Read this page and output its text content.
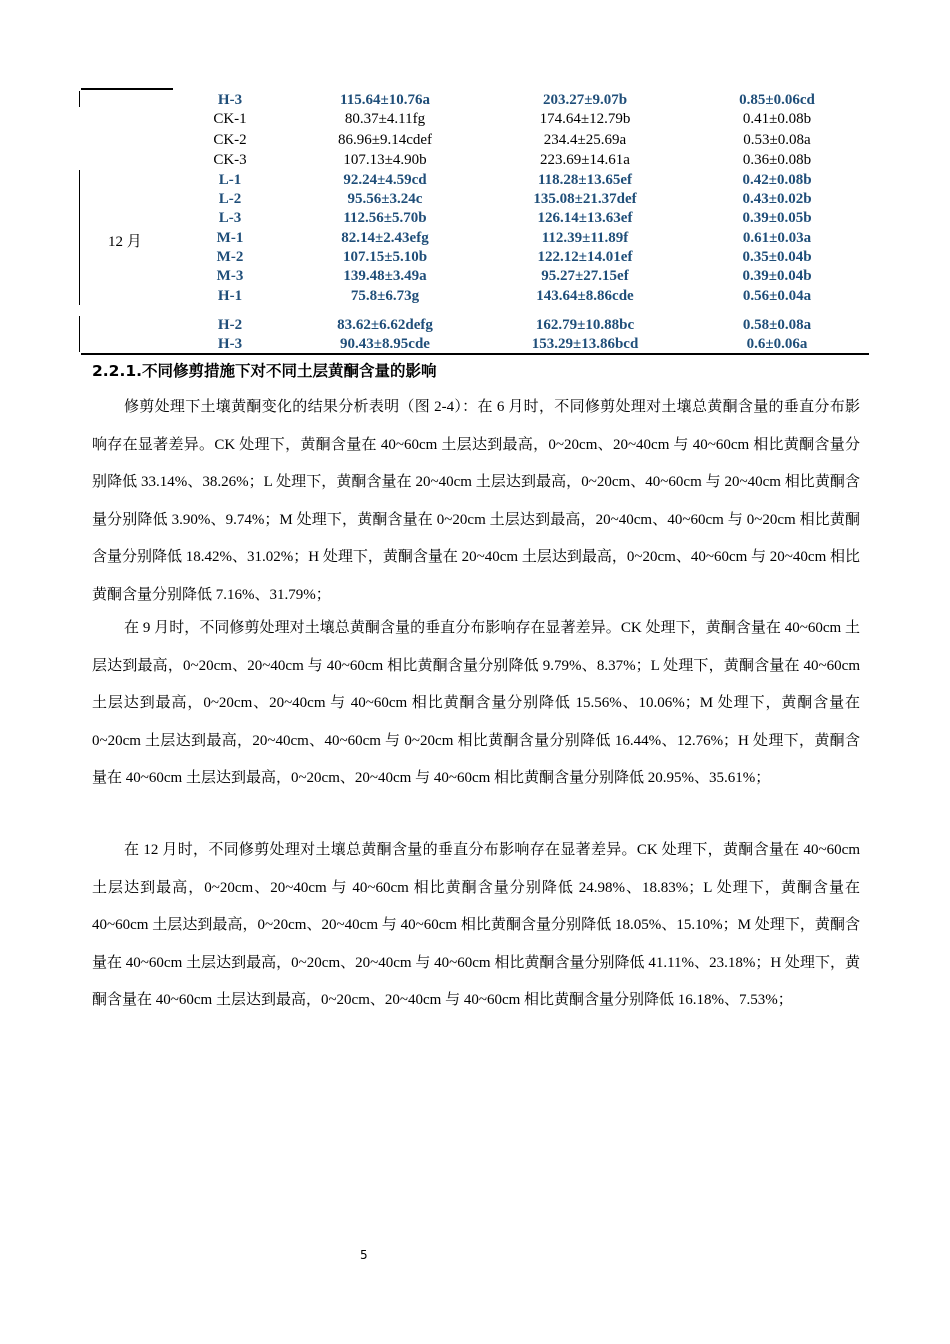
12 月
H-3	115.64±10.76a	203.27±9.07b	0.85±0.06cd
CK-1	80.37±4.11fg	174.64±12.79b	0.41±0.08b
CK-2	86.96±9.14cdef	234.4±25.69a	0.53±0.08a
CK-3	107.13±4.90b	223.69±14.61a	0.36±0.08b
L-1	92.24±4.59cd	118.28±13.65ef	0.42±0.08b
L-2	95.56±3.24c	135.08±21.37def	0.43±0.02b
L-3	112.56±5.70b	126.14±13.63ef	0.39±0.05b
M-1	82.14±2.43efg	112.39±11.89f	0.61±0.03a
M-2	107.15±5.10b	122.12±14.01ef	0.35±0.04b
M-3	139.48±3.49a	95.27±27.15ef	0.39±0.04b
H-1	75.8±6.73g	143.64±8.86cde	0.56±0.04a
H-2	83.62±6.62defg	162.79±10.88bc	0.58±0.08a
H-3	90.43±8.95cde	153.29±13.86bcd	0.6±0.06a
2.2.1.不同修剪措施下对不同土层黄酮含量的影响

修剪处理下土壤黄酮变化的结果分析表明（图 2-4）：在 6 月时，不同修剪处理对土壤总黄酮含量的垂直分布影响存在显著差异。CK 处理下，黄酮含量在 40~60cm 土层达到最高，0~20cm、20~40cm 与 40~60cm 相比黄酮含量分别降低 33.14%、38.26%；L 处理下，黄酮含量在 20~40cm 土层达到最高，0~20cm、40~60cm 与 20~40cm 相比黄酮含量分别降低 3.90%、9.74%；M 处理下，黄酮含量在 0~20cm 土层达到最高，20~40cm、40~60cm 与 0~20cm 相比黄酮含量分别降低 18.42%、31.02%；H 处理下，黄酮含量在 20~40cm 土层达到最高，0~20cm、40~60cm 与 20~40cm 相比黄酮含量分别降低 7.16%、31.79%；

在 9 月时，不同修剪处理对土壤总黄酮含量的垂直分布影响存在显著差异。CK 处理下，黄酮含量在 40~60cm 土层达到最高，0~20cm、20~40cm 与 40~60cm 相比黄酮含量分别降低 9.79%、8.37%；L 处理下，黄酮含量在 40~60cm 土层达到最高，0~20cm、20~40cm 与 40~60cm 相比黄酮含量分别降低 15.56%、10.06%；M 处理下，黄酮含量在 0~20cm 土层达到最高，20~40cm、40~60cm 与 0~20cm 相比黄酮含量分别降低 16.44%、12.76%；H 处理下，黄酮含量在 40~60cm 土层达到最高，0~20cm、20~40cm 与 40~60cm 相比黄酮含量分别降低 20.95%、35.61%；

在 12 月时，不同修剪处理对土壤总黄酮含量的垂直分布影响存在显著差异。CK 处理下，黄酮含量在 40~60cm 土层达到最高，0~20cm、20~40cm 与 40~60cm 相比黄酮含量分别降低 24.98%、18.83%；L 处理下，黄酮含量在 40~60cm 土层达到最高，0~20cm、20~40cm 与 40~60cm 相比黄酮含量分别降低 18.05%、15.10%；M 处理下，黄酮含量在 40~60cm 土层达到最高，0~20cm、20~40cm 与 40~60cm 相比黄酮含量分别降低 41.11%、23.18%；H 处理下，黄酮含量在 40~60cm 土层达到最高，0~20cm、20~40cm 与 40~60cm 相比黄酮含量分别降低 16.18%、7.53%；

5
